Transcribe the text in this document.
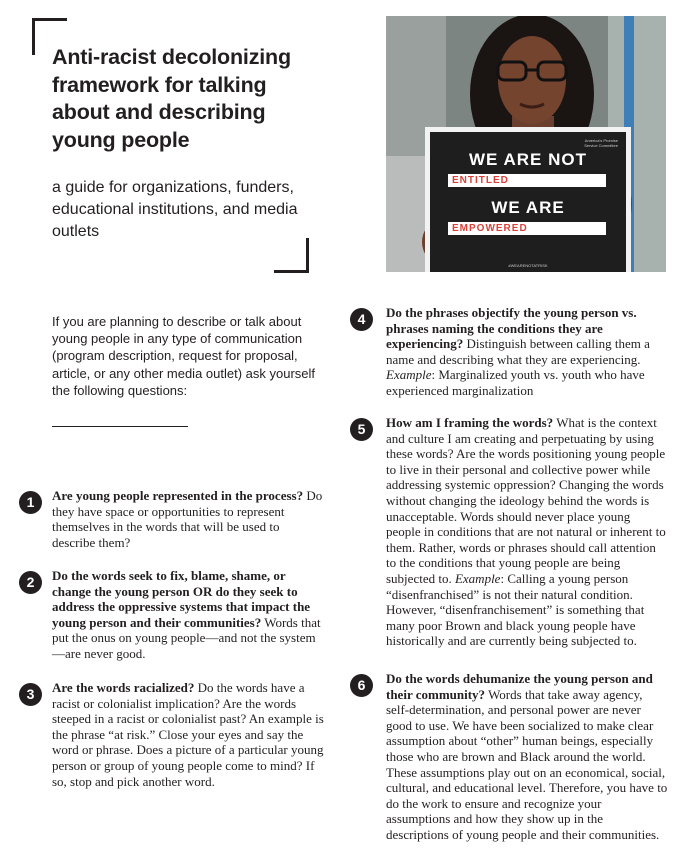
Anti-racist decolonizing framework for talking about and describing young people
a guide for organizations, funders, educational institutions, and media outlets
America's Promise Service Committee
WE ARE NOT
ENTITLED
WE ARE
EMPOWERED
#WEARENOTATRISK
If you are planning to describe or talk about young people in any type of communication (program description, request for proposal, article, or any other media outlet) ask yourself the following questions:
1	Are young people represented in the process? Do they have space or opportunities to represent themselves in the words that will be used to describe them?
2	Do the words seek to fix, blame, shame, or change the young person OR do they seek to address the oppressive systems that impact the young person and their communities? Words that put the onus on young people—and not the system —are never good.
3	Are the words racialized? Do the words have a racist or colonialist implication? Are the words steeped in a racist or colonialist past? An example is the phrase “at risk.” Close your eyes and say the word or phrase. Does a picture of a particular young person or group of young people come to mind? If so, stop and pick another word.
4	Do the phrases objectify the young person vs. phrases naming the conditions they are experiencing? Distinguish between calling them a name and describing what they are experiencing. Example: Marginalized youth vs. youth who have experienced marginalization
5	How am I framing the words? What is the context and culture I am creating and perpetuating by using these words? Are the words positioning young people to live in their personal and collective power while addressing systemic oppression? Changing the words without changing the ideology behind the words is unacceptable. Words should never place young people in conditions that are not natural or inherent to them. Rather, words or phrases should call attention to the conditions that young people are being subjected to. Example: Calling a young person “disenfranchised” is not their natural condition. However, “disenfranchisement” is something that many poor Brown and black young people have historically and are currently being subjected to.
6	Do the words dehumanize the young person and their community? Words that take away agency, self-determination, and personal power are never good to use. We have been socialized to make clear assumption about “other” human beings, especially those who are brown and Black around the world. These assumptions play out on an economical, social, cultural, and educational level. Therefore, you have to do the work to ensure and recognize your assumptions and how they show up in the descriptions of young people and their communities.
